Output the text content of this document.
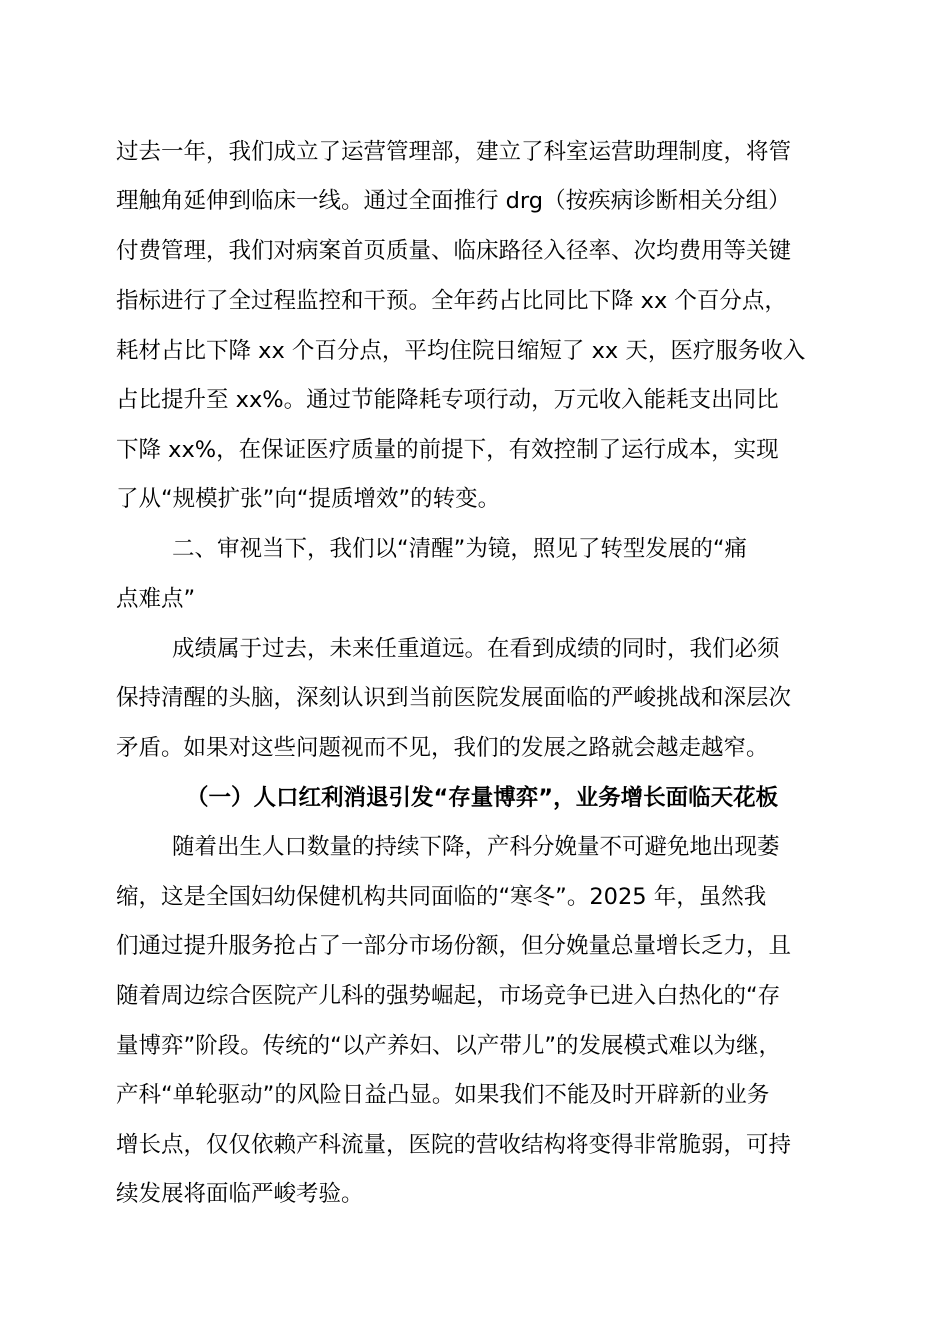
过去一年，我们成立了运营管理部，建立了科室运营助理制度，将管
理触角延伸到临床一线。通过全面推行 drg（按疾病诊断相关分组）
付费管理，我们对病案首页质量、临床路径入径率、次均费用等关键
指标进行了全过程监控和干预。全年药占比同比下降 xx 个百分点，
耗材占比下降 xx 个百分点，平均住院日缩短了 xx 天，医疗服务收入
占比提升至 xx%。通过节能降耗专项行动，万元收入能耗支出同比
下降 xx%，在保证医疗质量的前提下，有效控制了运行成本，实现
了从“规模扩张”向“提质增效”的转变。
二、审视当下，我们以“清醒”为镜，照见了转型发展的“痛
点难点”
成绩属于过去，未来任重道远。在看到成绩的同时，我们必须
保持清醒的头脑，深刻认识到当前医院发展面临的严峻挑战和深层次
矛盾。如果对这些问题视而不见，我们的发展之路就会越走越窄。
（一）人口红利消退引发“存量博弈”，业务增长面临天花板
随着出生人口数量的持续下降，产科分娩量不可避免地出现萎
缩，这是全国妇幼保健机构共同面临的“寒冬”。2025 年，虽然我
们通过提升服务抢占了一部分市场份额，但分娩量总量增长乏力，且
随着周边综合医院产儿科的强势崛起，市场竞争已进入白热化的“存
量博弈”阶段。传统的“以产养妇、以产带儿”的发展模式难以为继，
产科“单轮驱动”的风险日益凸显。如果我们不能及时开辟新的业务
增长点，仅仅依赖产科流量，医院的营收结构将变得非常脆弱，可持
续发展将面临严峻考验。
